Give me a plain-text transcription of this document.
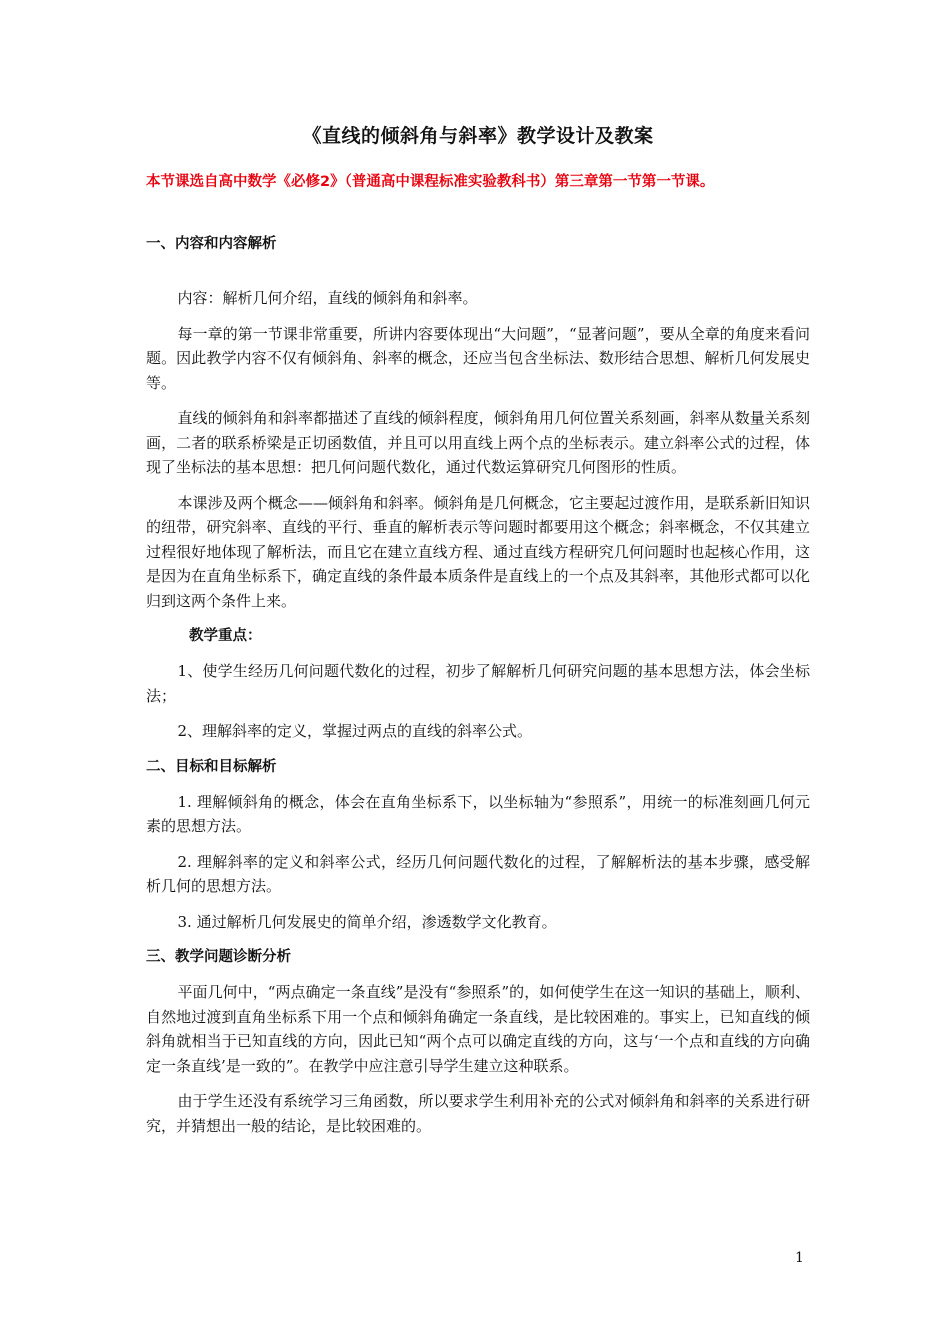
《直线的倾斜角与斜率》教学设计及教案
本节课选自高中数学《必修2》（普通高中课程标准实验教科书）第三章第一节第一节课。
一、内容和内容解析

内容：解析几何介绍，直线的倾斜角和斜率。

每一章的第一节课非常重要，所讲内容要体现出“大问题”，“显著问题”，要从全章的角度来看问题。因此教学内容不仅有倾斜角、斜率的概念，还应当包含坐标法、数形结合思想、解析几何发展史等。

直线的倾斜角和斜率都描述了直线的倾斜程度，倾斜角用几何位置关系刻画，斜率从数量关系刻画，二者的联系桥梁是正切函数值，并且可以用直线上两个点的坐标表示。建立斜率公式的过程，体现了坐标法的基本思想：把几何问题代数化，通过代数运算研究几何图形的性质。

本课涉及两个概念——倾斜角和斜率。倾斜角是几何概念，它主要起过渡作用，是联系新旧知识的纽带，研究斜率、直线的平行、垂直的解析表示等问题时都要用这个概念；斜率概念，不仅其建立过程很好地体现了解析法，而且它在建立直线方程、通过直线方程研究几何问题时也起核心作用，这是因为在直角坐标系下，确定直线的条件最本质条件是直线上的一个点及其斜率，其他形式都可以化归到这两个条件上来。

教学重点：

1、使学生经历几何问题代数化的过程，初步了解解析几何研究问题的基本思想方法，体会坐标法；

2、理解斜率的定义，掌握过两点的直线的斜率公式。

二、目标和目标解析

1. 理解倾斜角的概念，体会在直角坐标系下，以坐标轴为“参照系”，用统一的标准刻画几何元素的思想方法。

2. 理解斜率的定义和斜率公式，经历几何问题代数化的过程，了解解析法的基本步骤，感受解析几何的思想方法。

3. 通过解析几何发展史的简单介绍，渗透数学文化教育。

三、教学问题诊断分析

平面几何中，“两点确定一条直线”是没有“参照系”的，如何使学生在这一知识的基础上，顺利、自然地过渡到直角坐标系下用一个点和倾斜角确定一条直线，是比较困难的。事实上，已知直线的倾斜角就相当于已知直线的方向，因此已知“两个点可以确定直线的方向，这与‘一个点和直线的方向确定一条直线’是一致的”。在教学中应注意引导学生建立这种联系。

由于学生还没有系统学习三角函数，所以要求学生利用补充的公式对倾斜角和斜率的关系进行研究，并猜想出一般的结论，是比较困难的。

1
